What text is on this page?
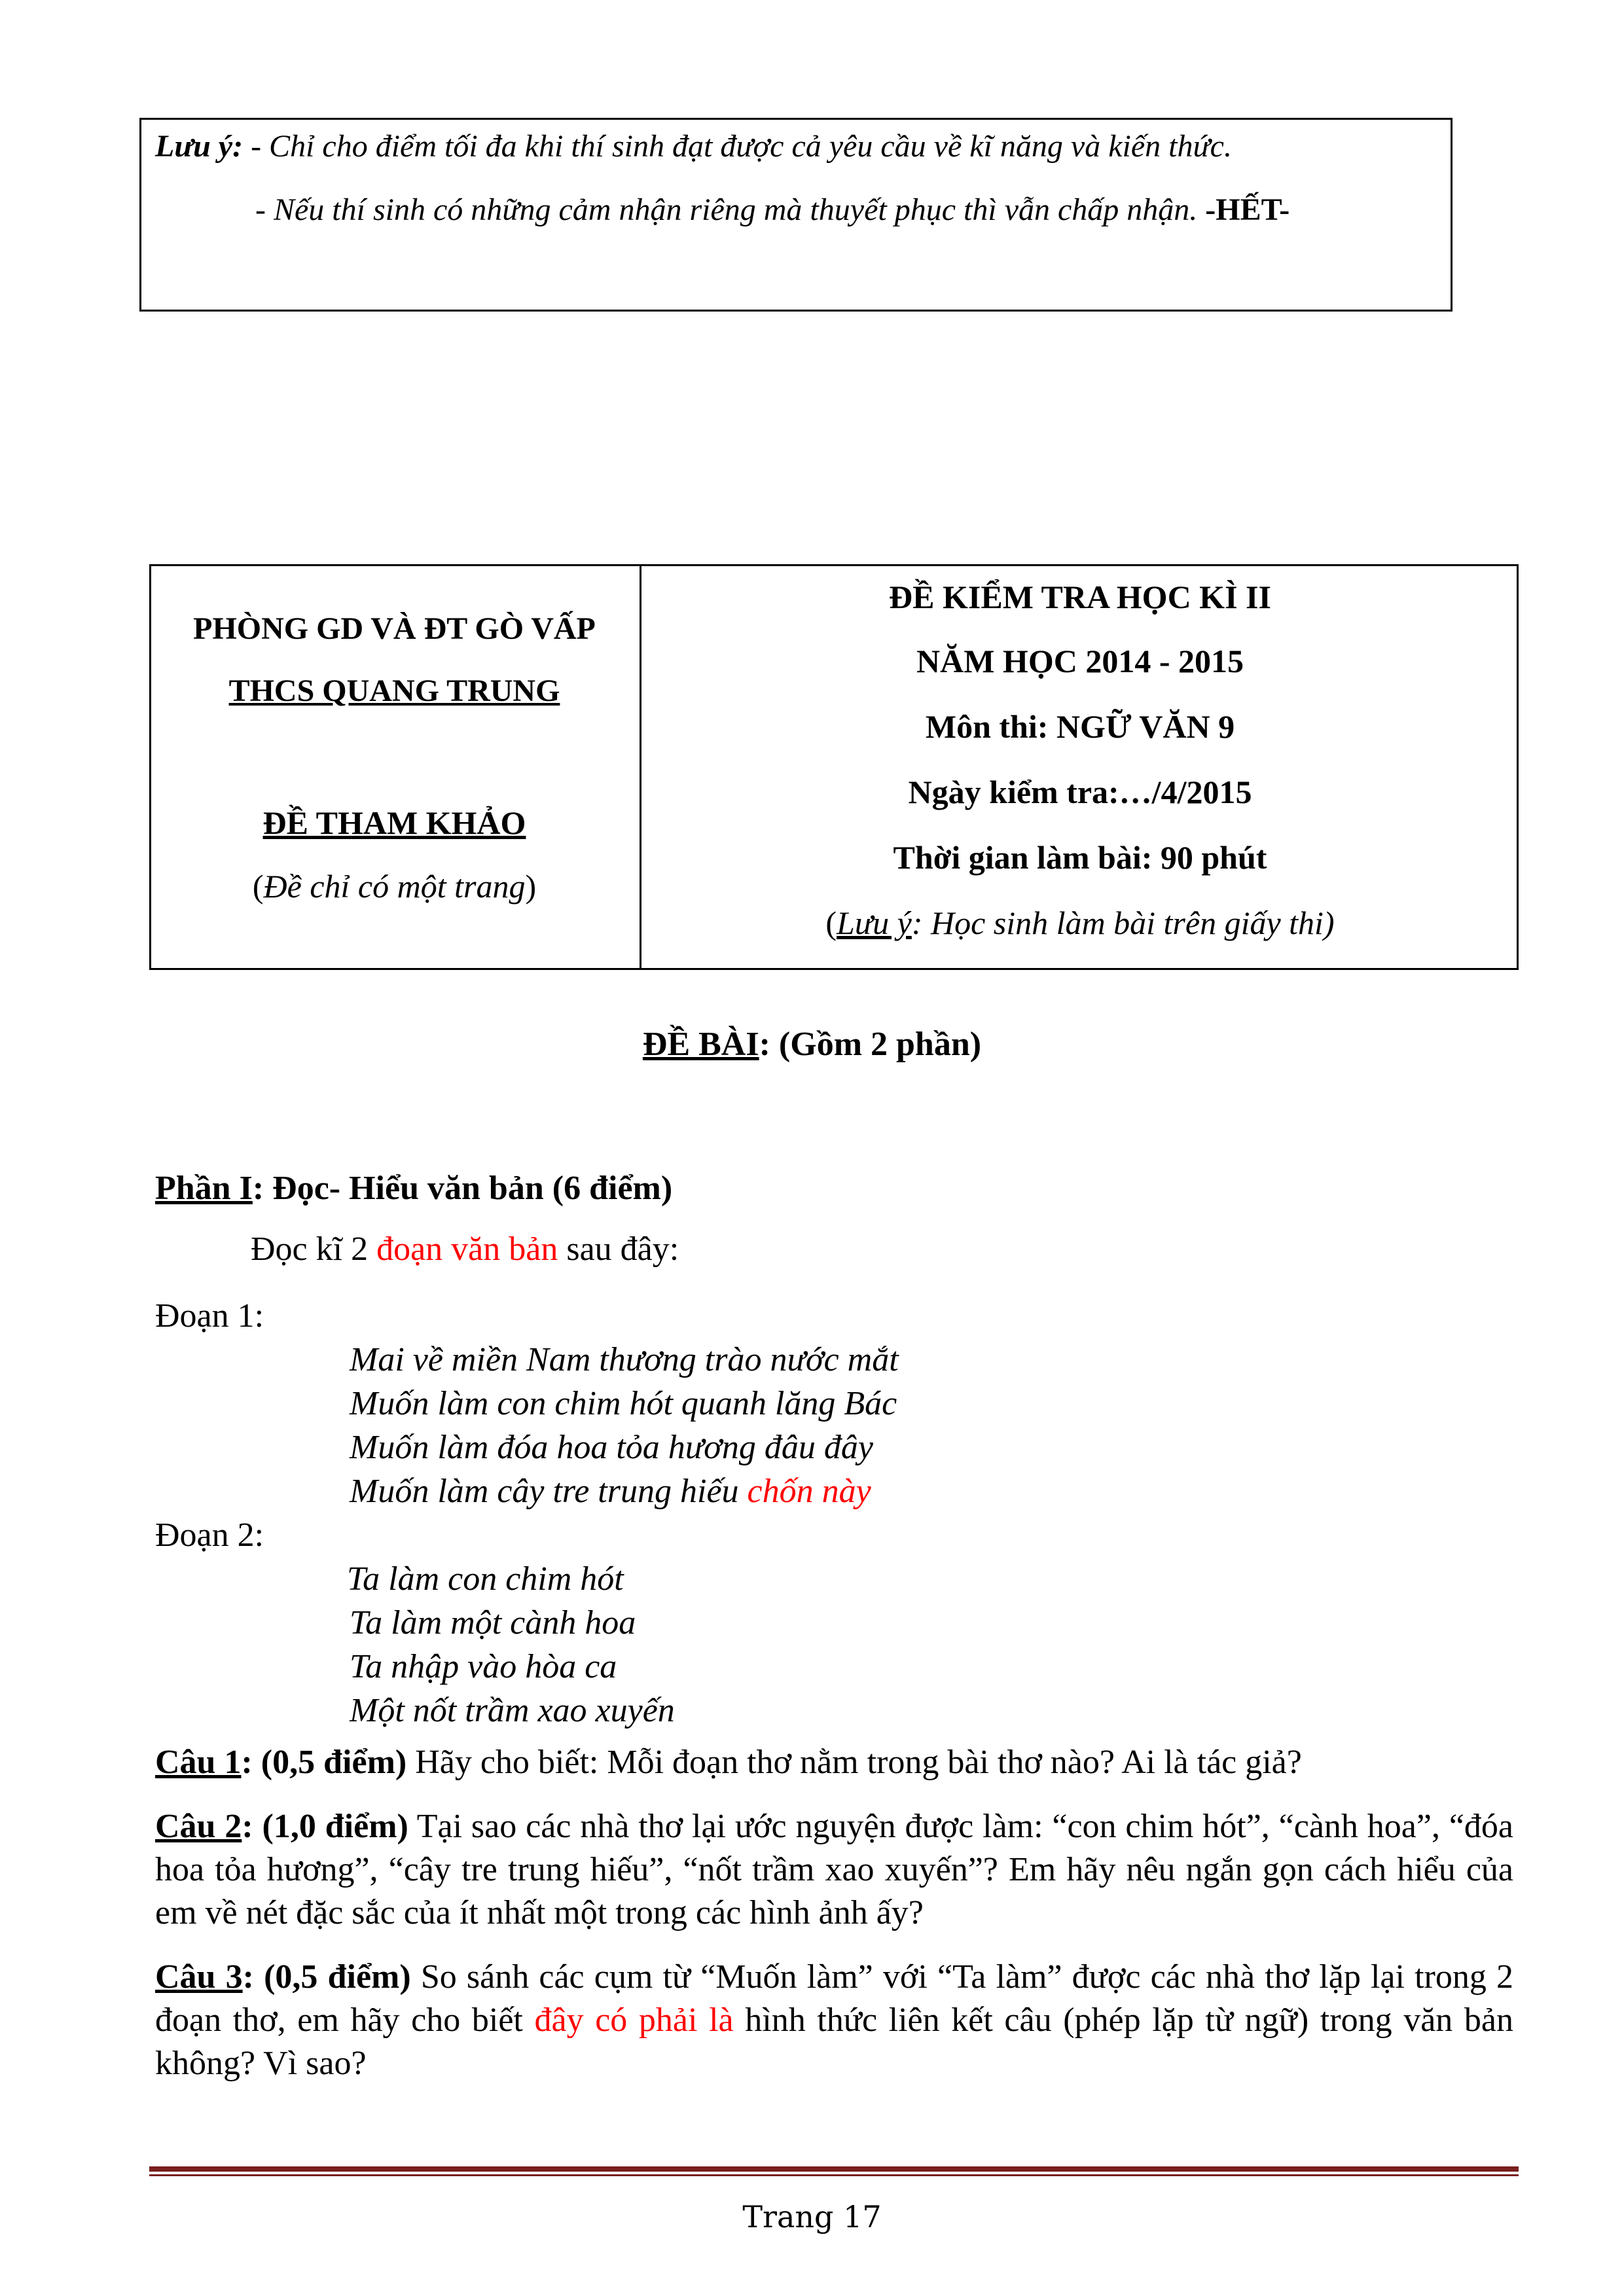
Lưu ý: - Chỉ cho điểm tối đa khi thí sinh đạt được cả yêu cầu về kĩ năng và kiến thức.
- Nếu thí sinh có những cảm nhận riêng mà thuyết phục thì vẫn chấp nhận. -HẾT-
PHÒNG GD VÀ ĐT GÒ VẤP
THCS QUANG TRUNG
ĐỀ THAM KHẢO
(Đề chỉ có một trang)
ĐỀ KIỂM TRA HỌC KÌ II
NĂM HỌC 2014 - 2015
Môn thi: NGỮ VĂN 9
Ngày kiểm tra:…/4/2015
Thời gian làm bài: 90 phút
(Lưu ý: Học sinh làm bài trên giấy thi)
ĐỀ BÀI: (Gồm 2 phần)
Phần I: Đọc- Hiểu văn bản (6 điểm)
Đọc kĩ 2 đoạn văn bản sau đây:
Đoạn 1:
Mai về miền Nam thương trào nước mắt
Muốn làm con chim hót quanh lăng Bác
Muốn làm đóa hoa tỏa hương đâu đây
Muốn làm cây tre trung hiếu chốn này
Đoạn 2:
Ta làm con chim hót
Ta làm một cành hoa
Ta nhập vào hòa ca
Một nốt trầm xao xuyến
Câu 1: (0,5 điểm) Hãy cho biết: Mỗi đoạn thơ nằm trong bài thơ nào? Ai là tác giả?
Câu 2: (1,0 điểm) Tại sao các nhà thơ lại ước nguyện được làm: “con chim hót”, “cành hoa”, “đóa hoa tỏa hương”, “cây tre trung hiếu”, “nốt trầm xao xuyến”? Em hãy nêu ngắn gọn cách hiểu của em về nét đặc sắc của ít nhất một trong các hình ảnh ấy?
Câu 3: (0,5 điểm) So sánh các cụm từ “Muốn làm” với “Ta làm” được các nhà thơ lặp lại trong 2 đoạn thơ, em hãy cho biết đây có phải là hình thức liên kết câu (phép lặp từ ngữ) trong văn bản không? Vì sao?
Trang 17
